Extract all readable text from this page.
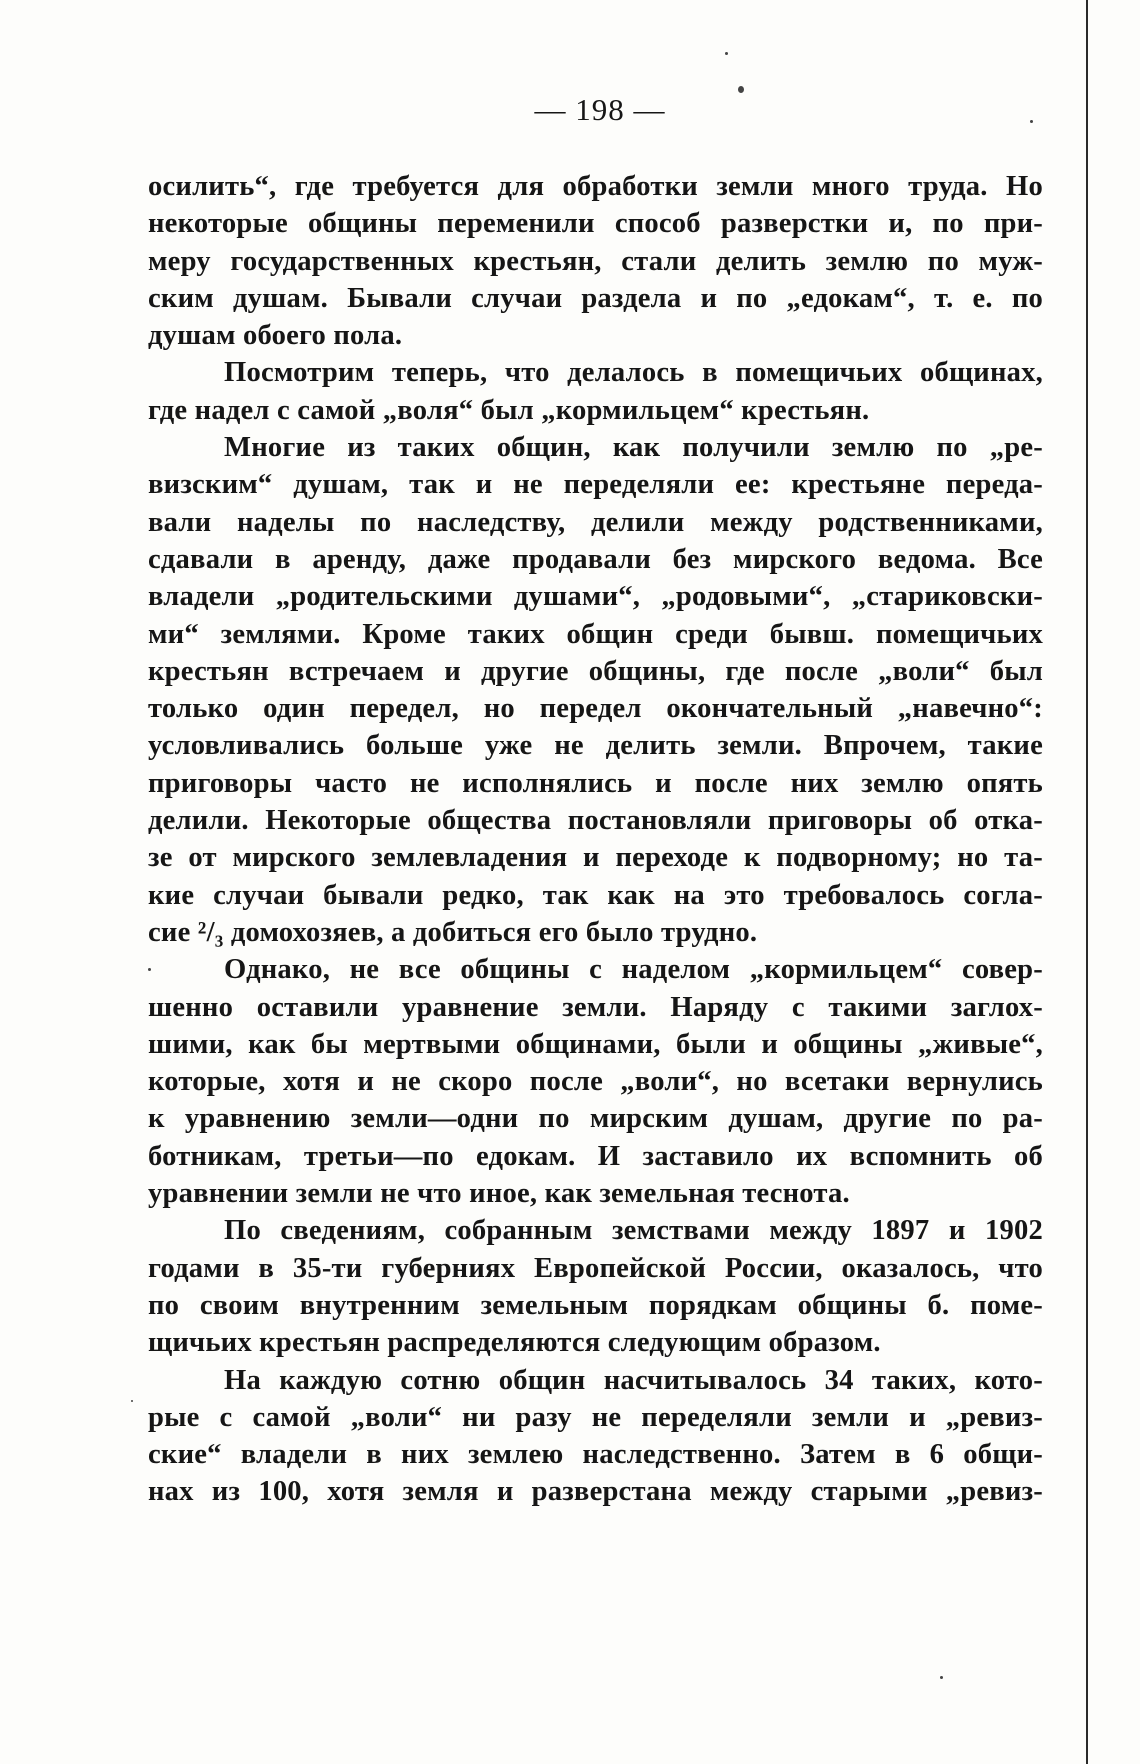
— 198 —

осилить“, где требуется для обработки земли много труда. Но
некоторые общины переменили способ разверстки и, по при-
меру государственных крестьян, стали делить землю по муж-
ским душам. Бывали случаи раздела и по „едокам“, т. е. по
душам обоего пола.

Посмотрим теперь, что делалось в помещичьих общинах,
где надел с самой „воля“ был „кормильцем“ крестьян.

Многие из таких общин, как получили землю по „ре-
визским“ душам, так и не переделяли ее: крестьяне переда-
вали наделы по наследству, делили между родственниками,
сдавали в аренду, даже продавали без мирского ведома. Все
владели „родительскими душами“, „родовыми“, „стариковски-
ми“ землями. Кроме таких общин среди бывш. помещичьих
крестьян встречаем и другие общины, где после „воли“ был
только один передел, но передел окончательный „навечно“:
условливались больше уже не делить земли. Впрочем, такие
приговоры часто не исполнялись и после них землю опять
делили. Некоторые общества постановляли приговоры об отка-
зе от мирского землевладения и переходе к подворному; но та-
кие случаи бывали редко, так как на это требовалось согла-
сие ²/₃ домохозяев, а добиться его было трудно.

Однако, не все общины с наделом „кормильцем“ совер-
шенно оставили уравнение земли. Наряду с такими заглох-
шими, как бы мертвыми общинами, были и общины „живые“,
которые, хотя и не скоро после „воли“, но всетаки вернулись
к уравнению земли—одни по мирским душам, другие по ра-
ботникам, третьи—по едокам. И заставило их вспомнить об
уравнении земли не что иное, как земельная теснота.

По сведениям, собранным земствами между 1897 и 1902
годами в 35-ти губерниях Европейской России, оказалось, что
по своим внутренним земельным порядкам общины б. поме-
щичьих крестьян распределяются следующим образом.

На каждую сотню общин насчитывалось 34 таких, кото-
рые с самой „воли“ ни разу не переделяли земли и „ревиз-
ские“ владели в них землею наследственно. Затем в 6 общи-
нах из 100, хотя земля и разверстана между старыми „ревиз-
